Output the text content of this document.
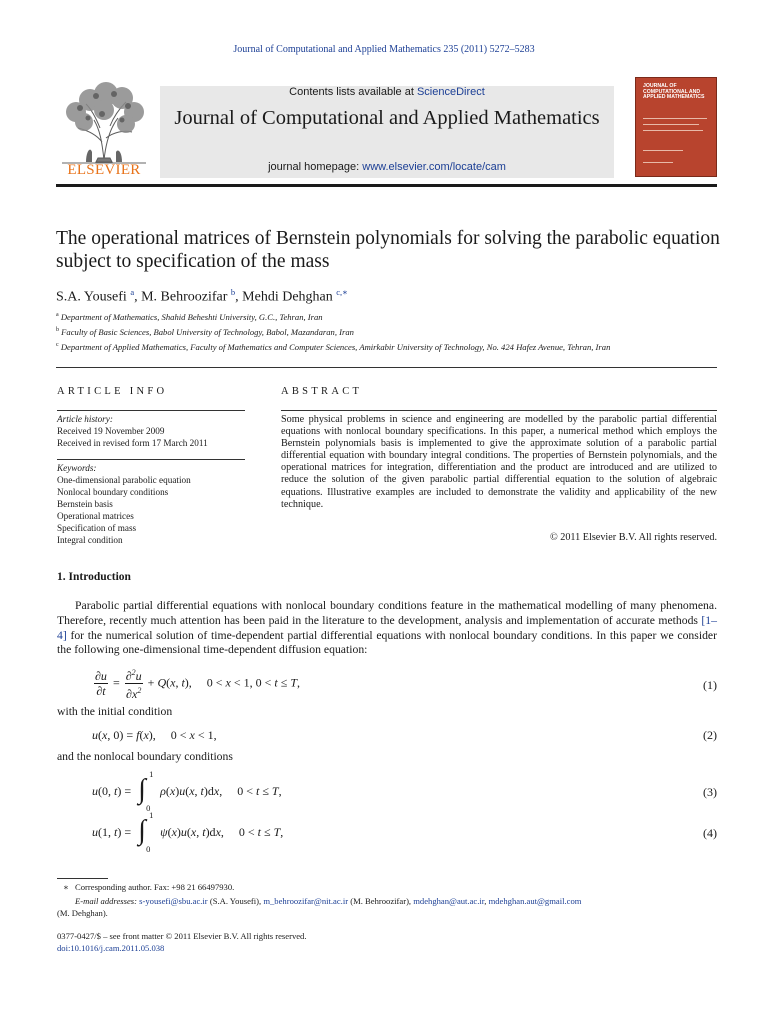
Journal of Computational and Applied Mathematics 235 (2011) 5272–5283
ELSEVIER
Contents lists available at ScienceDirect
Journal of Computational and Applied Mathematics
journal homepage: www.elsevier.com/locate/cam
JOURNAL OF COMPUTATIONAL AND APPLIED MATHEMATICS
The operational matrices of Bernstein polynomials for solving the parabolic equation subject to specification of the mass
S.A. Yousefi $^a$, M. Behroozifar $^b$, Mehdi Dehghan $^{c,∗}$
$^a$ Department of Mathematics, Shahid Beheshti University, G.C., Tehran, Iran
$^b$ Faculty of Basic Sciences, Babol University of Technology, Babol, Mazandaran, Iran
$^c$ Department of Applied Mathematics, Faculty of Mathematics and Computer Sciences, Amirkabir University of Technology, No. 424 Hafez Avenue, Tehran, Iran
ARTICLE INFO
Article history:
Received 19 November 2009
Received in revised form 17 March 2011
Keywords:
One-dimensional parabolic equation
Nonlocal boundary conditions
Bernstein basis
Operational matrices
Specification of mass
Integral condition
ABSTRACT
Some physical problems in science and engineering are modelled by the parabolic partial differential equations with nonlocal boundary specifications. In this paper, a numerical method which employs the Bernstein polynomials basis is implemented to give the approximate solution of a parabolic partial differential equation with boundary integral conditions. The properties of Bernstein polynomials, and the operational matrices for integration, differentiation and the product are introduced and are utilized to reduce the solution of the given parabolic partial differential equation to the solution of algebraic equations. Illustrative examples are included to demonstrate the validity and applicability of the new technique.
© 2011 Elsevier B.V. All rights reserved.
1. Introduction
Parabolic partial differential equations with nonlocal boundary conditions feature in the mathematical modelling of many phenomena. Therefore, recently much attention has been paid in the literature to the development, analysis and implementation of accurate methods [1–4] for the numerical solution of time-dependent partial differential equations with nonlocal boundary conditions. In this paper we consider the following one-dimensional time-dependent diffusion equation:
$\frac{\partial u}{\partial t} = \frac{\partial^2u}{\partial x^2} + Q(x$, t),     0 < x < 1, 0 < t ≤ T,	(1)
with the initial condition
u(x, 0) = f(x),     0 < x < 1,	(2)
and the nonlocal boundary conditions
u(0, t) = ∫ 1
0
ρ(x)u(x, t)dx,     0 < t ≤ T,	(3)
u(1, t) = ∫ 1
0
ψ(x)u(x, t)dx,     0 < t ≤ T,	(4)
∗ Corresponding author. Fax: +98 21 66497930.
E-mail addresses: s-yousefi@sbu.ac.ir (S.A. Yousefi), m_behroozifar@nit.ac.ir (M. Behroozifar), mdehghan@aut.ac.ir, mdehghan.aut@gmail.com
(M. Dehghan).
0377-0427/$ – see front matter © 2011 Elsevier B.V. All rights reserved.
doi:10.1016/j.cam.2011.05.038
